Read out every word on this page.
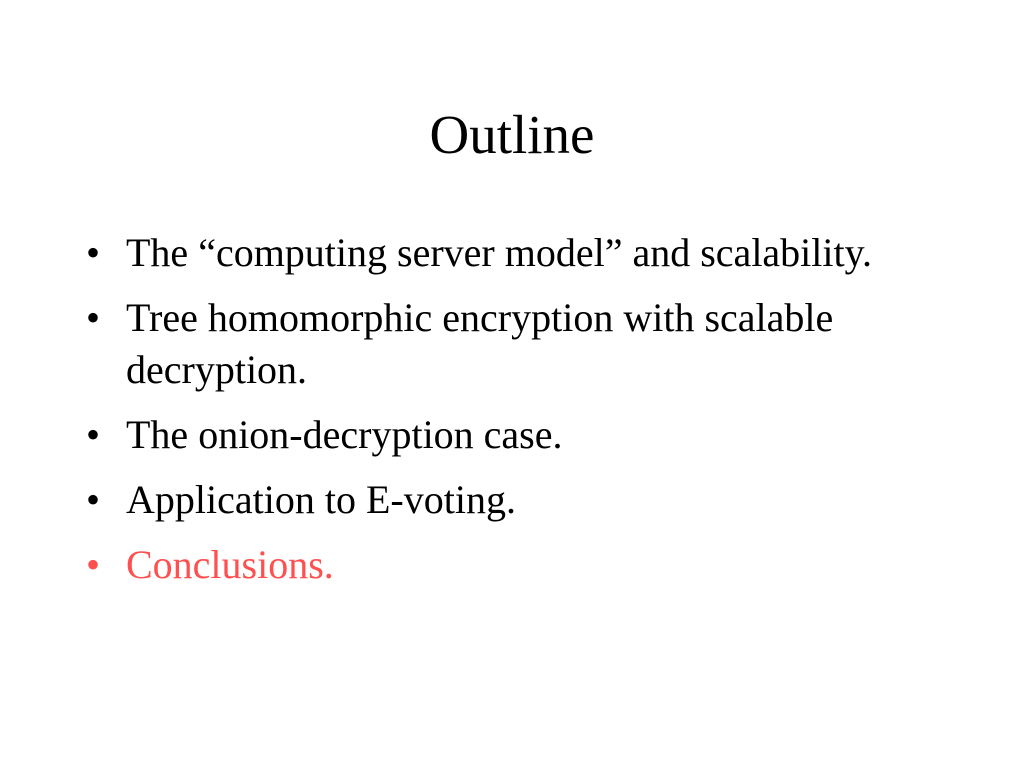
Outline
• The “computing server model” and scalability.
• Tree homomorphic encryption with scalable decryption.
• The onion-decryption case.
• Application to E-voting.
• Conclusions.
